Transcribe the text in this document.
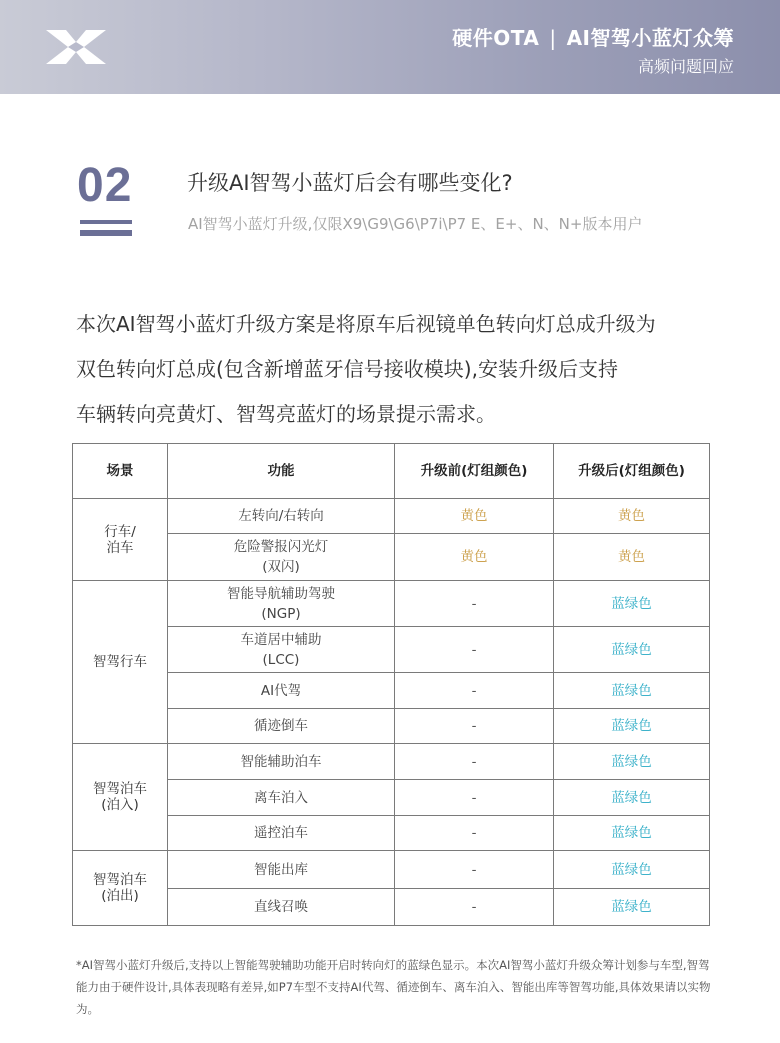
硬件OTA | AI智驾小蓝灯众筹
高频问题回应
02	升级AI智驾小蓝灯后会有哪些变化?
AI智驾小蓝灯升级,仅限X9\G9\G6\P7i\P7 E、E+、N、N+版本用户

本次AI智驾小蓝灯升级方案是将原车后视镜单色转向灯总成升级为

双色转向灯总成(包含新增蓝牙信号接收模块),安装升级后支持

车辆转向亮黄灯、智驾亮蓝灯的场景提示需求。

场景	功能	升级前(灯组颜色)	升级后(灯组颜色)

行车/
泊车	左转向/右转向	黄色	黄色

	危险警报闪光灯
(双闪)	黄色	黄色

智驾行车	智能导航辅助驾驶
(NGP)	-	蓝绿色

	车道居中辅助
(LCC)	-	蓝绿色
	AI代驾	-	蓝绿色
	循迹倒车	-	蓝绿色

智驾泊车
(泊入)	智能辅助泊车	-	蓝绿色
	离车泊入	-	蓝绿色
	遥控泊车	-	蓝绿色

智驾泊车
(泊出)	智能出库	-	蓝绿色
	直线召唤	-	蓝绿色
*AI智驾小蓝灯升级后,支持以上智能驾驶辅助功能开启时转向灯的蓝绿色显示。本次AI智驾小蓝灯升级众筹计划参与车型,智驾能力由于硬件设计,具体表现略有差异,如P7车型不支持AI代驾、循迹倒车、离车泊入、智能出库等智驾功能,具体效果请以实物为。
